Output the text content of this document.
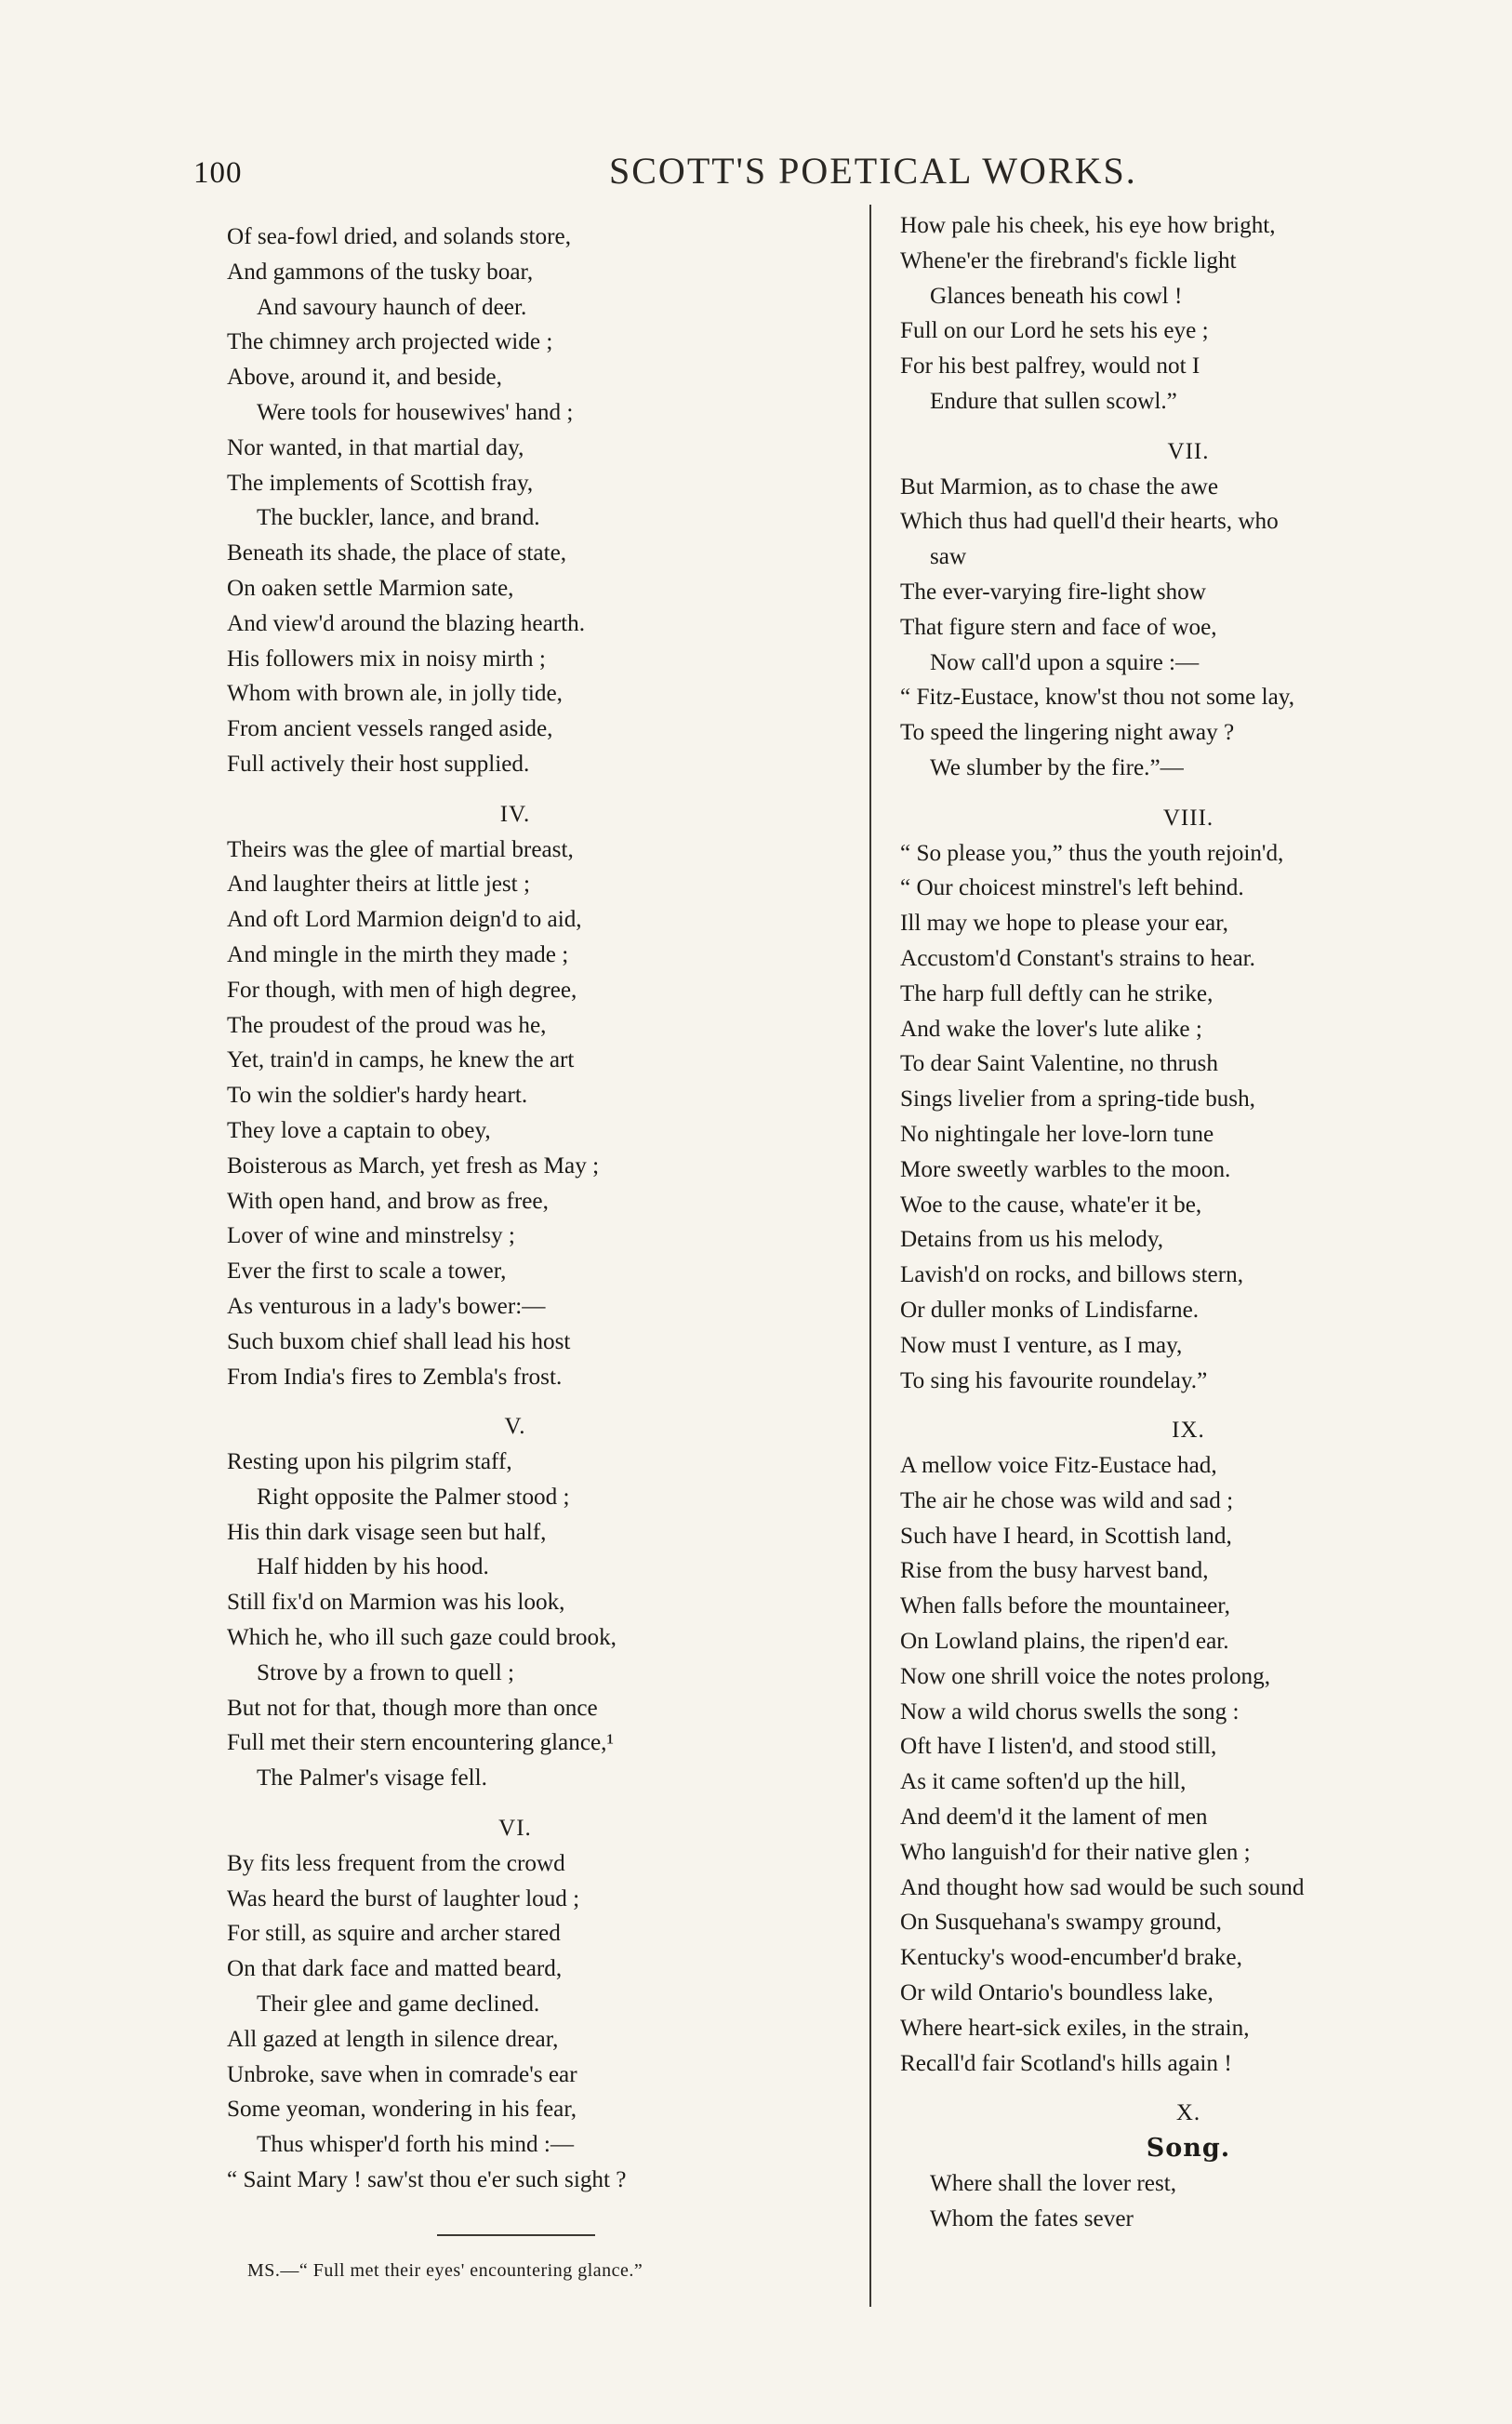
100	SCOTT'S POETICAL WORKS.
Of sea-fowl dried, and solands store,
And gammons of the tusky boar,
And savoury haunch of deer.
The chimney arch projected wide ;
Above, around it, and beside,
Were tools for housewives' hand ;
Nor wanted, in that martial day,
The implements of Scottish fray,
The buckler, lance, and brand.
Beneath its shade, the place of state,
On oaken settle Marmion sate,
And view'd around the blazing hearth.
His followers mix in noisy mirth ;
Whom with brown ale, in jolly tide,
From ancient vessels ranged aside,
Full actively their host supplied.
IV.
Theirs was the glee of martial breast,
And laughter theirs at little jest ;
And oft Lord Marmion deign'd to aid,
And mingle in the mirth they made ;
For though, with men of high degree,
The proudest of the proud was he,
Yet, train'd in camps, he knew the art
To win the soldier's hardy heart.
They love a captain to obey,
Boisterous as March, yet fresh as May ;
With open hand, and brow as free,
Lover of wine and minstrelsy ;
Ever the first to scale a tower,
As venturous in a lady's bower:—
Such buxom chief shall lead his host
From India's fires to Zembla's frost.
V.
Resting upon his pilgrim staff,
Right opposite the Palmer stood ;
His thin dark visage seen but half,
Half hidden by his hood.
Still fix'd on Marmion was his look,
Which he, who ill such gaze could brook,
Strove by a frown to quell ;
But not for that, though more than once
Full met their stern encountering glance,¹
The Palmer's visage fell.
VI.
By fits less frequent from the crowd
Was heard the burst of laughter loud ;
For still, as squire and archer stared
On that dark face and matted beard,
Their glee and game declined.
All gazed at length in silence drear,
Unbroke, save when in comrade's ear
Some yeoman, wondering in his fear,
Thus whisper'd forth his mind :—
“ Saint Mary ! saw'st thou e'er such sight ?
How pale his cheek, his eye how bright,
Whene'er the firebrand's fickle light
Glances beneath his cowl !
Full on our Lord he sets his eye ;
For his best palfrey, would not I
Endure that sullen scowl.”
VII.
But Marmion, as to chase the awe
Which thus had quell'd their hearts, who
saw
The ever-varying fire-light show
That figure stern and face of woe,
Now call'd upon a squire :—
“ Fitz-Eustace, know'st thou not some lay,
To speed the lingering night away ?
We slumber by the fire.”—
VIII.
“ So please you,” thus the youth rejoin'd,
“ Our choicest minstrel's left behind.
Ill may we hope to please your ear,
Accustom'd Constant's strains to hear.
The harp full deftly can he strike,
And wake the lover's lute alike ;
To dear Saint Valentine, no thrush
Sings livelier from a spring-tide bush,
No nightingale her love-lorn tune
More sweetly warbles to the moon.
Woe to the cause, whate'er it be,
Detains from us his melody,
Lavish'd on rocks, and billows stern,
Or duller monks of Lindisfarne.
Now must I venture, as I may,
To sing his favourite roundelay.”
IX.
A mellow voice Fitz-Eustace had,
The air he chose was wild and sad ;
Such have I heard, in Scottish land,
Rise from the busy harvest band,
When falls before the mountaineer,
On Lowland plains, the ripen'd ear.
Now one shrill voice the notes prolong,
Now a wild chorus swells the song :
Oft have I listen'd, and stood still,
As it came soften'd up the hill,
And deem'd it the lament of men
Who languish'd for their native glen ;
And thought how sad would be such sound
On Susquehana's swampy ground,
Kentucky's wood-encumber'd brake,
Or wild Ontario's boundless lake,
Where heart-sick exiles, in the strain,
Recall'd fair Scotland's hills again !
X.
Song.
Where shall the lover rest,
Whom the fates sever
MS.—“ Full met their eyes' encountering glance.”
